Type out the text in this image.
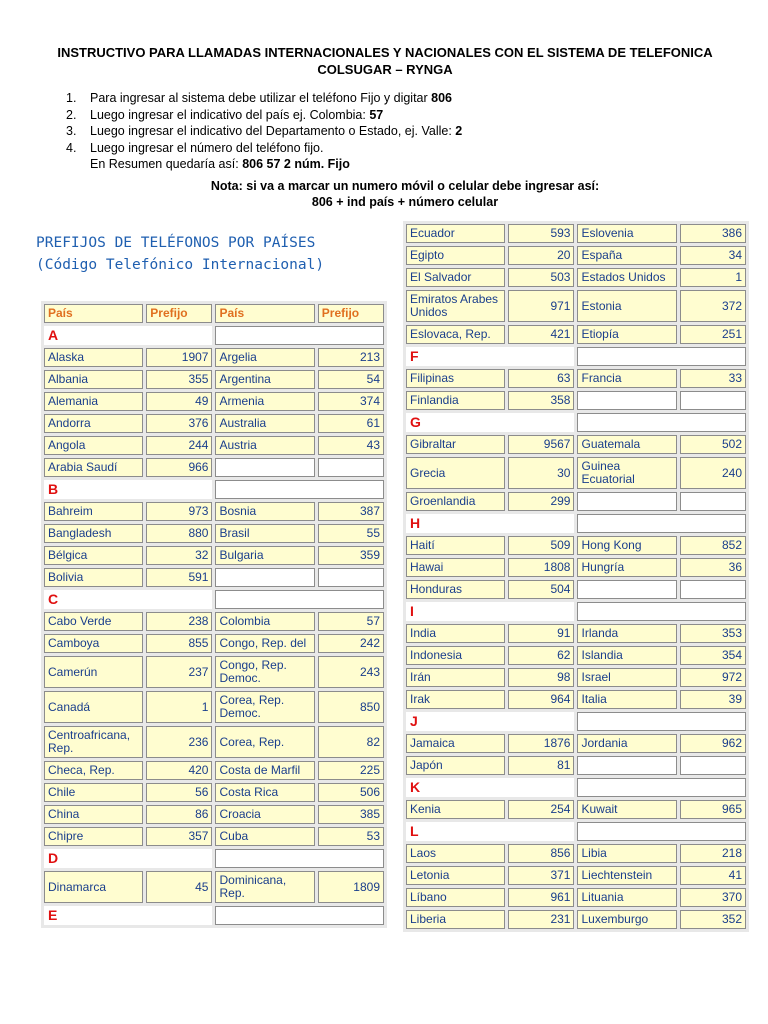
INSTRUCTIVO PARA LLAMADAS INTERNACIONALES Y NACIONALES CON EL SISTEMA DE TELEFONICA
COLSUGAR – RYNGA
1.	Para ingresar al sistema debe utilizar el teléfono Fijo y digitar 806
2.	Luego ingresar el indicativo del país ej. Colombia: 57
3.	Luego ingresar el indicativo del Departamento o Estado, ej. Valle: 2
4.	Luego ingresar el número del teléfono fijo.
En Resumen quedaría así: 806 57 2 núm. Fijo
Nota: si va a marcar un numero móvil o celular debe ingresar así:
806 + ind país + número celular
PREFIJOS DE TELÉFONOS POR PAÍSES
(Código Telefónico Internacional)
País	Prefijo	País	Prefijo
A			
Alaska	1907	Argelia	213
Albania	355	Argentina	54
Alemania	49	Armenia	374
Andorra	376	Australia	61
Angola	244	Austria	43
Arabia Saudí	966		
B			
Bahreim	973	Bosnia	387
Bangladesh	880	Brasil	55
Bélgica	32	Bulgaria	359
Bolivia	591		
C			
Cabo Verde	238	Colombia	57
Camboya	855	Congo, Rep. del	242
Camerún	237	Congo, Rep. Democ.	243
Canadá	1	Corea, Rep. Democ.	850
Centroafricana, Rep.	236	Corea, Rep.	82
Checa, Rep.	420	Costa de Marfil	225
Chile	56	Costa Rica	506
China	86	Croacia	385
Chipre	357	Cuba	53
D			
Dinamarca	45	Dominicana, Rep.	1809
E			
Ecuador	593	Eslovenia	386
Egipto	20	España	34
El Salvador	503	Estados Unidos	1
Emiratos Arabes Unidos	971	Estonia	372
Eslovaca, Rep.	421	Etiopía	251
F			
Filipinas	63	Francia	33
Finlandia	358		
G			
Gibraltar	9567	Guatemala	502
Grecia	30	Guinea Ecuatorial	240
Groenlandia	299		
H			
Haití	509	Hong Kong	852
Hawai	1808	Hungría	36
Honduras	504		
I			
India	91	Irlanda	353
Indonesia	62	Islandia	354
Irán	98	Israel	972
Irak	964	Italia	39
J			
Jamaica	1876	Jordania	962
Japón	81		
K			
Kenia	254	Kuwait	965
L			
Laos	856	Libia	218
Letonia	371	Liechtenstein	41
Líbano	961	Lituania	370
Liberia	231	Luxemburgo	352
